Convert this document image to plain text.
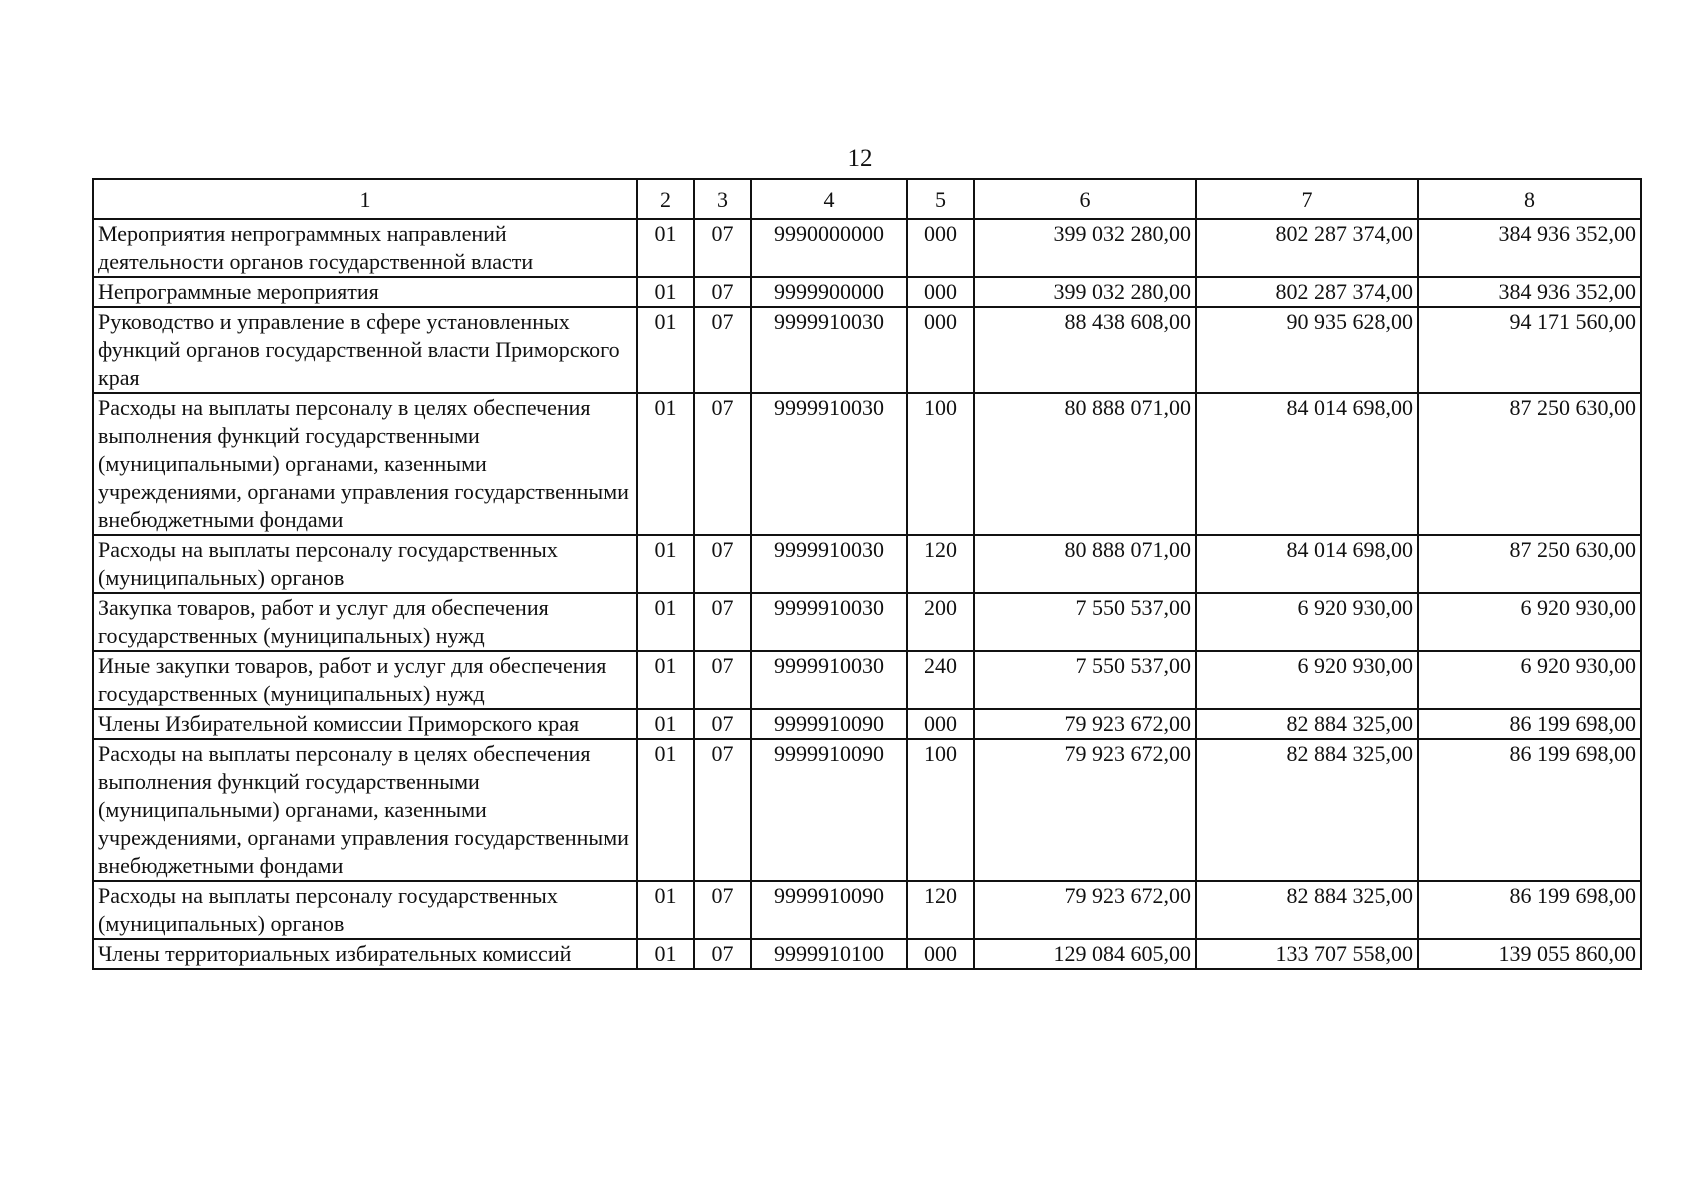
12
1	2	3	4	5	6	7	8
Мероприятия непрограммных направлений деятельности органов государственной власти	01	07	9990000000	000	399 032 280,00	802 287 374,00	384 936 352,00
Непрограммные мероприятия	01	07	9999900000	000	399 032 280,00	802 287 374,00	384 936 352,00
Руководство и управление в сфере установленных функций органов государственной власти Приморского края	01	07	9999910030	000	88 438 608,00	90 935 628,00	94 171 560,00
Расходы на выплаты персоналу в целях обеспечения выполнения функций государственными (муниципальными) органами, казенными учреждениями, органами управления государственными внебюджетными фондами	01	07	9999910030	100	80 888 071,00	84 014 698,00	87 250 630,00
Расходы на выплаты персоналу государственных (муниципальных) органов	01	07	9999910030	120	80 888 071,00	84 014 698,00	87 250 630,00
Закупка товаров, работ и услуг для обеспечения государственных (муниципальных) нужд	01	07	9999910030	200	7 550 537,00	6 920 930,00	6 920 930,00
Иные закупки товаров, работ и услуг для обеспечения государственных (муниципальных) нужд	01	07	9999910030	240	7 550 537,00	6 920 930,00	6 920 930,00
Члены Избирательной комиссии Приморского края	01	07	9999910090	000	79 923 672,00	82 884 325,00	86 199 698,00
Расходы на выплаты персоналу в целях обеспечения выполнения функций государственными (муниципальными) органами, казенными учреждениями, органами управления государственными внебюджетными фондами	01	07	9999910090	100	79 923 672,00	82 884 325,00	86 199 698,00
Расходы на выплаты персоналу государственных (муниципальных) органов	01	07	9999910090	120	79 923 672,00	82 884 325,00	86 199 698,00
Члены территориальных избирательных комиссий	01	07	9999910100	000	129 084 605,00	133 707 558,00	139 055 860,00
